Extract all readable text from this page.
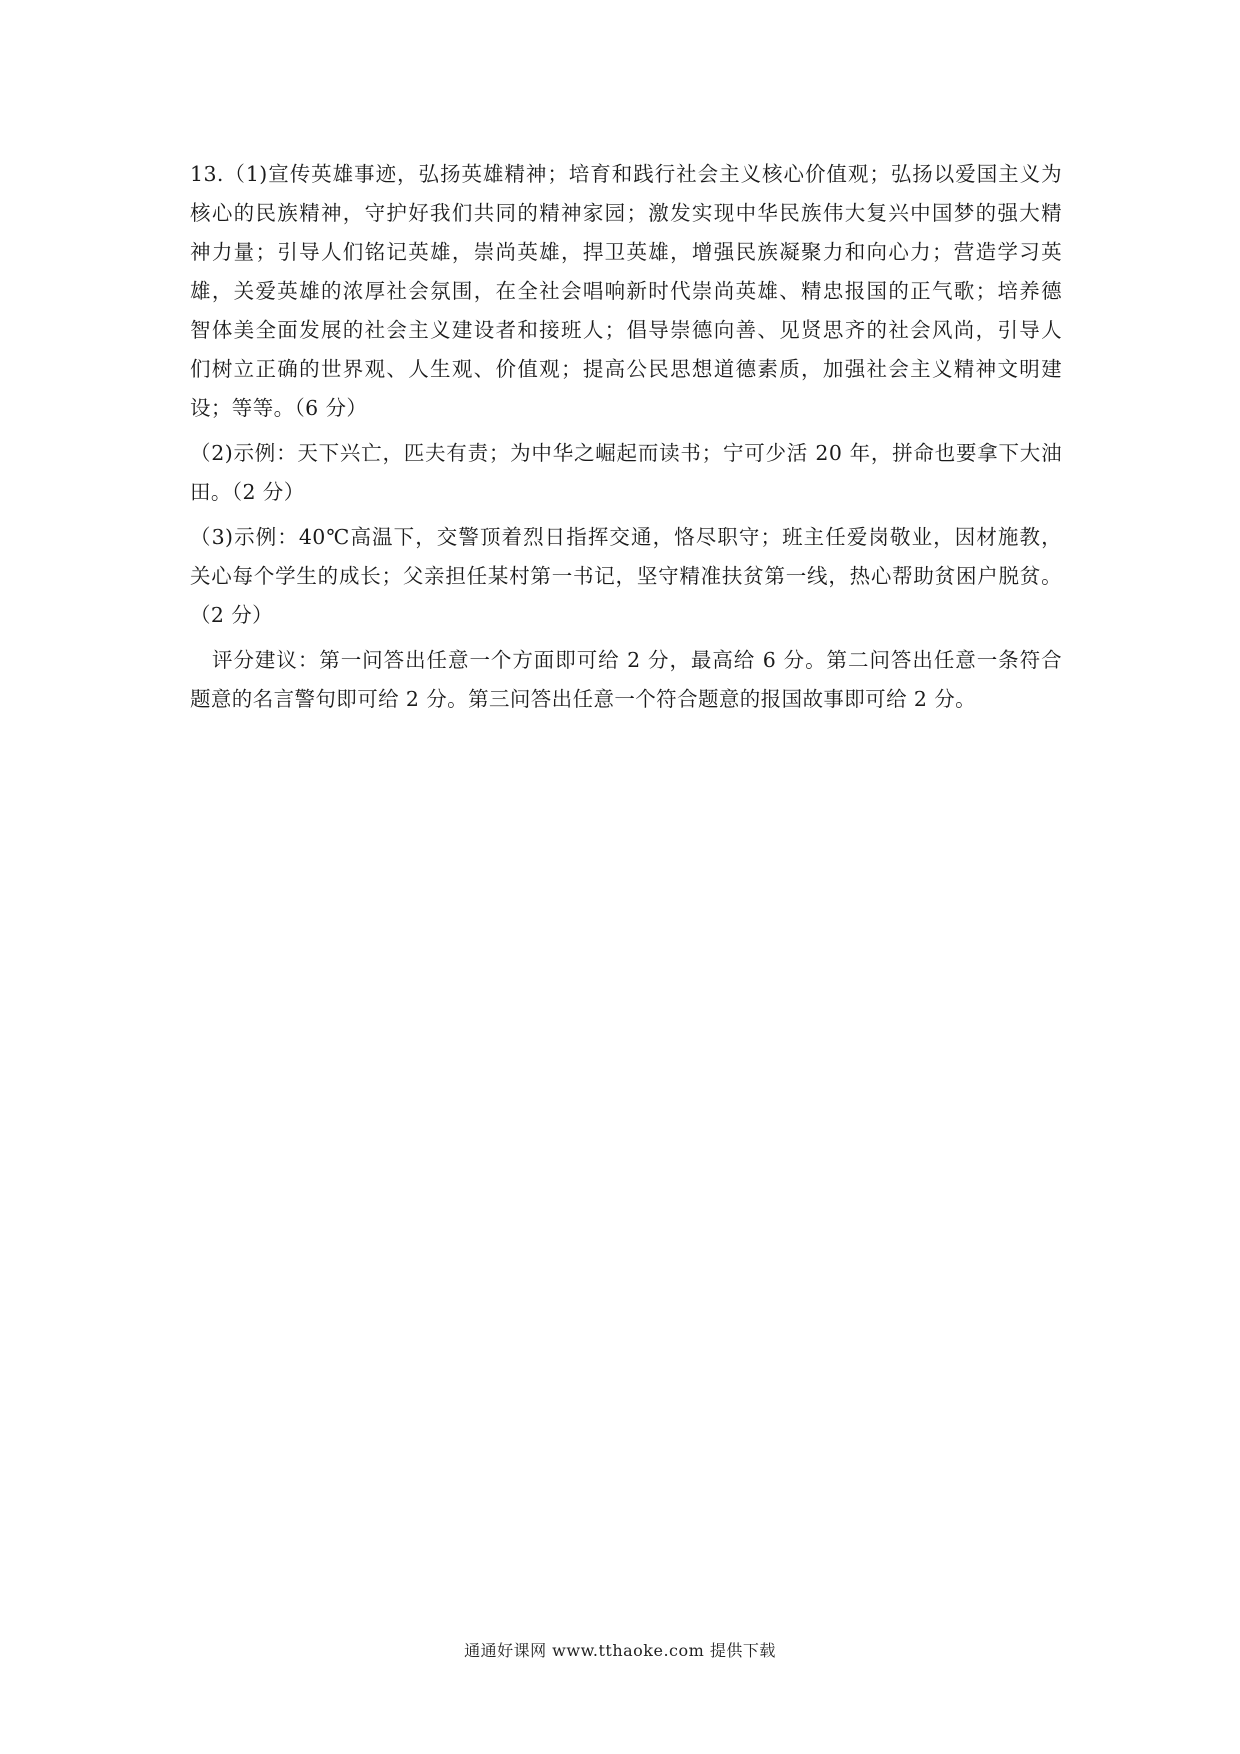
13.（1)宣传英雄事迹，弘扬英雄精神；培育和践行社会主义核心价值观；弘扬以爱国主义为
核心的民族精神，守护好我们共同的精神家园；激发实现中华民族伟大复兴中国梦的强大精
神力量；引导人们铭记英雄，崇尚英雄，捍卫英雄，增强民族凝聚力和向心力；营造学习英
雄，关爱英雄的浓厚社会氛围，在全社会唱响新时代崇尚英雄、精忠报国的正气歌；培养德
智体美全面发展的社会主义建设者和接班人；倡导崇德向善、见贤思齐的社会风尚，引导人
们树立正确的世界观、人生观、价值观；提高公民思想道德素质，加强社会主义精神文明建
设；等等。（6 分）
（2)示例：天下兴亡，匹夫有责；为中华之崛起而读书；宁可少活 20 年，拼命也要拿下大油
田。（2 分）
（3)示例：40℃高温下，交警顶着烈日指挥交通，恪尽职守；班主任爱岗敬业，因材施教，
关心每个学生的成长；父亲担任某村第一书记，坚守精准扶贫第一线，热心帮助贫困户脱贫。
（2 分）
评分建议：第一问答出任意一个方面即可给 2 分，最高给 6 分。第二问答出任意一条符合
题意的名言警句即可给 2 分。第三问答出任意一个符合题意的报国故事即可给 2 分。
通通好课网 www.tthaoke.com 提供下载
